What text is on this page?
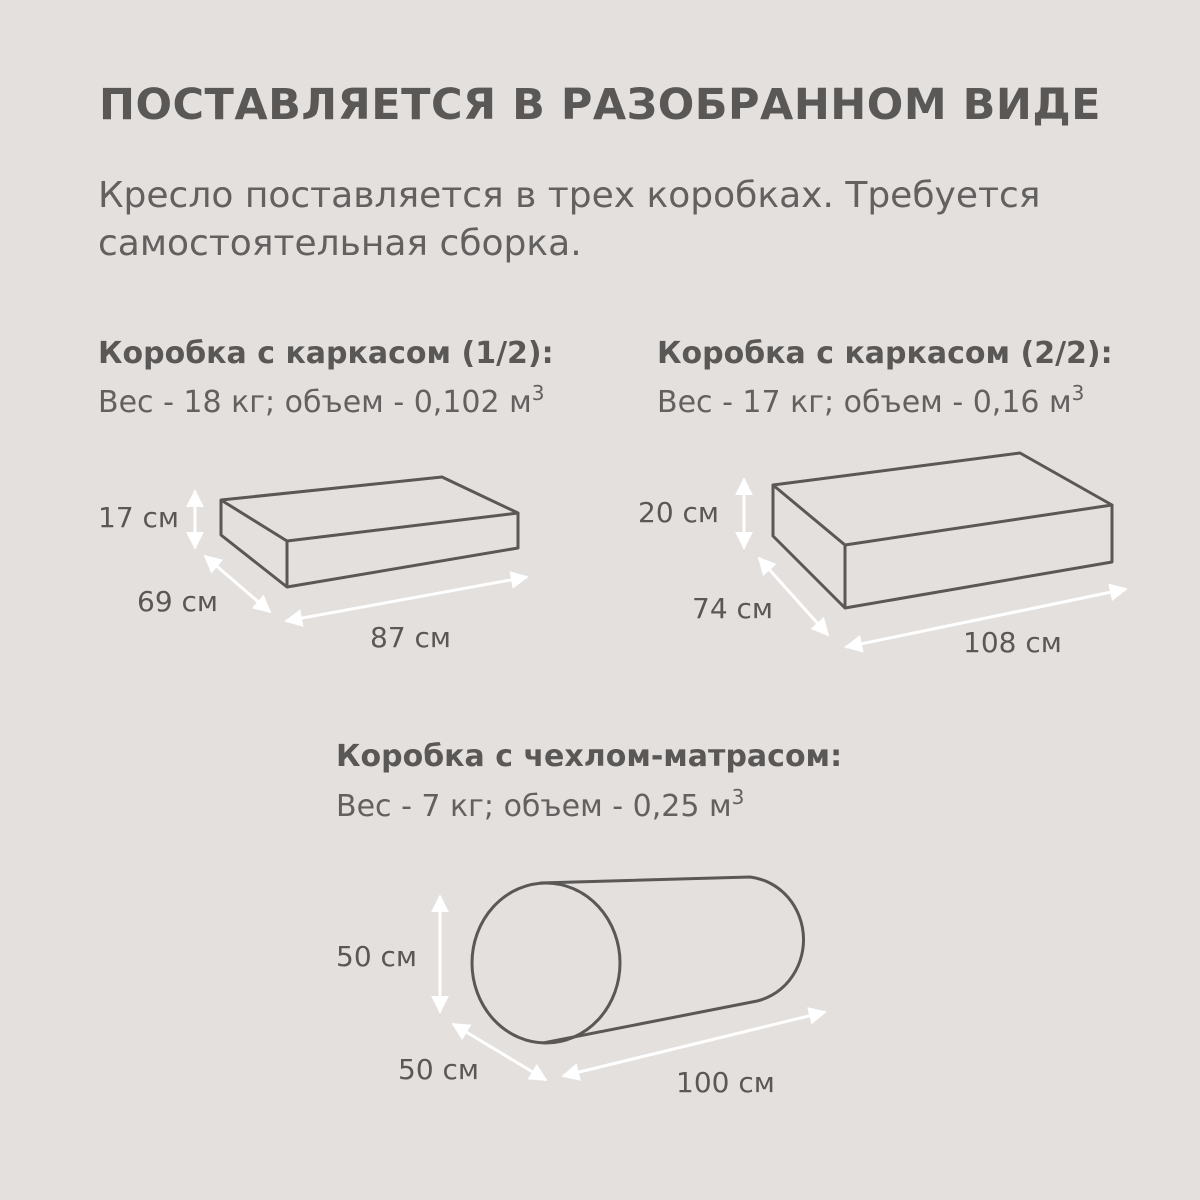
ПОСТАВЛЯЕТСЯ В РАЗОБРАННОМ ВИДЕ
Кресло поставляется в трех коробках. Требуется
самостоятельная сборка.
Коробка с каркасом (1/2):
Вес - 18 кг; объем - 0,102 $м^3$
Коробка с каркасом (2/2):
Вес - 17 кг; объем - 0,16 $м^3$
Коробка с чехлом-матрасом:
Вес - 7 кг; объем - 0,25 $м^3$
17 см
69 см
87 см
20 см
74 см
108 см
50 см
50 см	100 см
